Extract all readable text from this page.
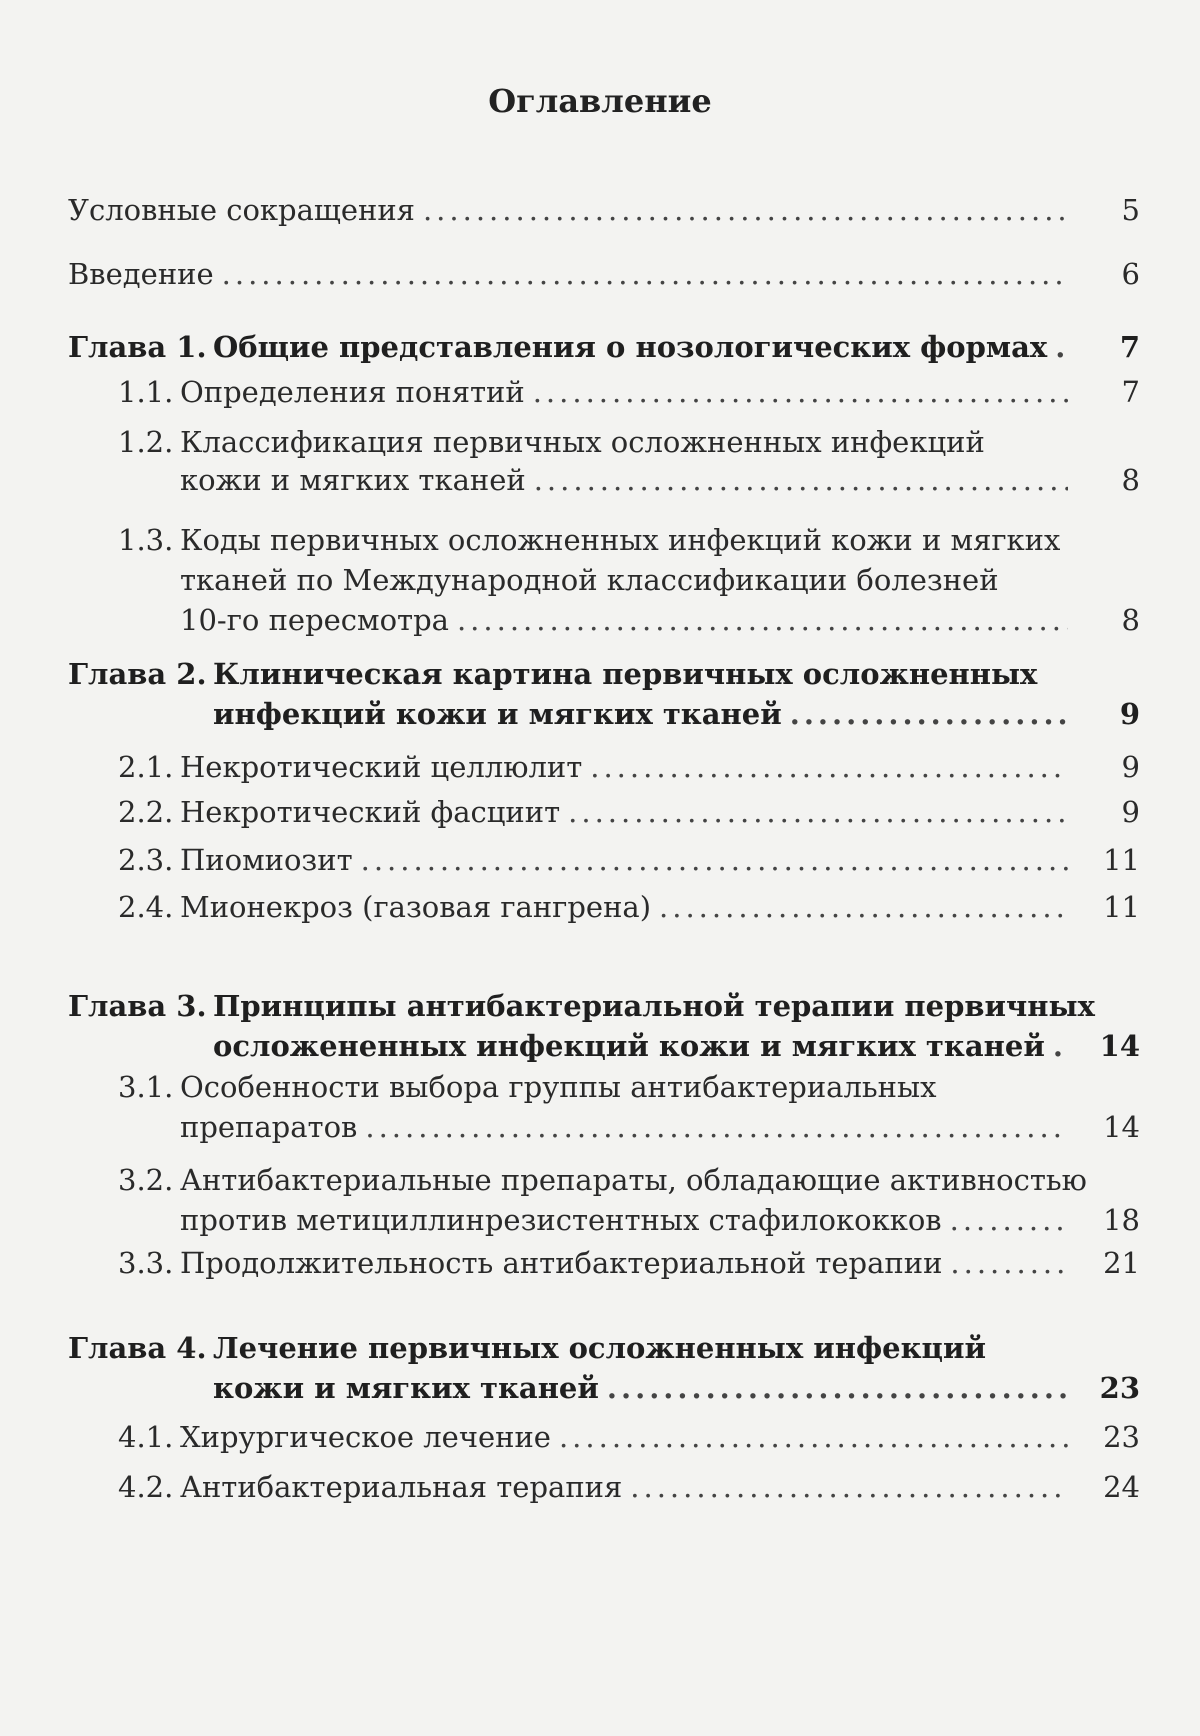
Оглавление
Условные сокращения .....	5
Введение .....	6
Глава 1. Общие представления о нозологических формах .....	7
1.1. Определения понятий .....	7
1.2. Классификация первичных осложненных инфекций
кожи и мягких тканей .....	8
1.3. Коды первичных осложненных инфекций кожи и мягких
тканей по Международной классификации болезней
10-го пересмотра .....	8
Глава 2. Клиническая картина первичных осложненных
инфекций кожи и мягких тканей .....	9
2.1. Некротический целлюлит .....	9
2.2. Некротический фасциит .....	9
2.3. Пиомиозит .....	11
2.4. Мионекроз (газовая гангрена) .....	11
Глава 3. Принципы антибактериальной терапии первичных
осложененных инфекций кожи и мягких тканей .....	14
3.1. Особенности выбора группы антибактериальных
препаратов .....	14
3.2. Антибактериальные препараты, обладающие активностью
против метициллинрезистентных стафилококков .....	18
3.3. Продолжительность антибактериальной терапии .....	21
Глава 4. Лечение первичных осложненных инфекций
кожи и мягких тканей .....	23
4.1. Хирургическое лечение .....	23
4.2. Антибактериальная терапия .....	24
